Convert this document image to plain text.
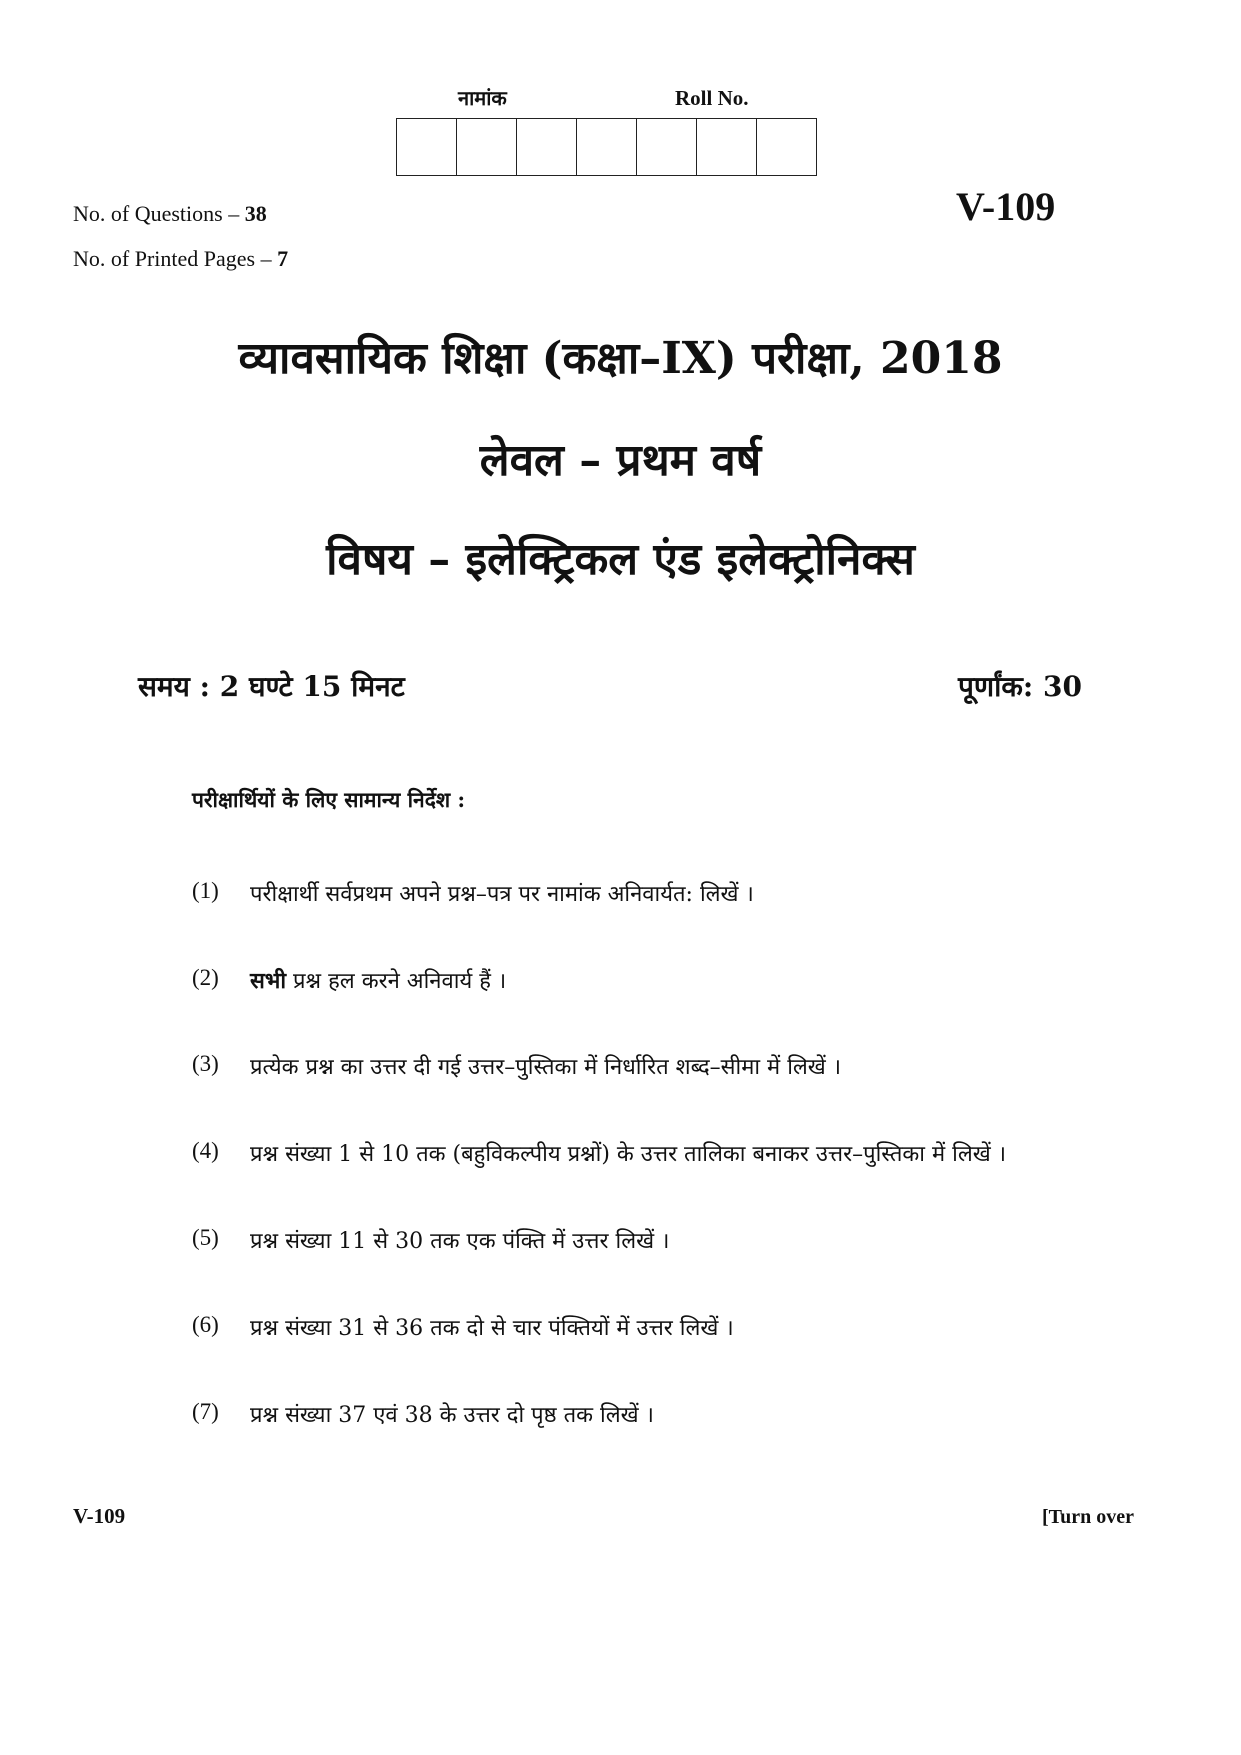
नामांक	Roll No.
No. of Questions – 38
No. of Printed Pages – 7
V-109
व्यावसायिक शिक्षा (कक्षा–IX) परीक्षा, 2018
लेवल – प्रथम वर्ष
विषय – इलेक्ट्रिकल एंड इलेक्ट्रोनिक्स
समय : 2 घण्टे 15 मिनट	पूर्णांक: 30
परीक्षार्थियों के लिए सामान्य निर्देश :
(1)	परीक्षार्थी सर्वप्रथम अपने प्रश्न–पत्र पर नामांक अनिवार्यत: लिखें ।
(2)	सभी प्रश्न हल करने अनिवार्य हैं ।
(3)	प्रत्येक प्रश्न का उत्तर दी गई उत्तर–पुस्तिका में निर्धारित शब्द–सीमा में लिखें ।
(4)	प्रश्न संख्या 1 से 10 तक (बहुविकल्पीय प्रश्नों) के उत्तर तालिका बनाकर उत्तर–पुस्तिका में लिखें ।
(5)	प्रश्न संख्या 11 से 30 तक एक पंक्ति में उत्तर लिखें ।
(6)	प्रश्न संख्या 31 से 36 तक दो से चार पंक्तियों में उत्तर लिखें ।
(7)	प्रश्न संख्या 37 एवं 38 के उत्तर दो पृष्ठ तक लिखें ।
V-109	[Turn over
